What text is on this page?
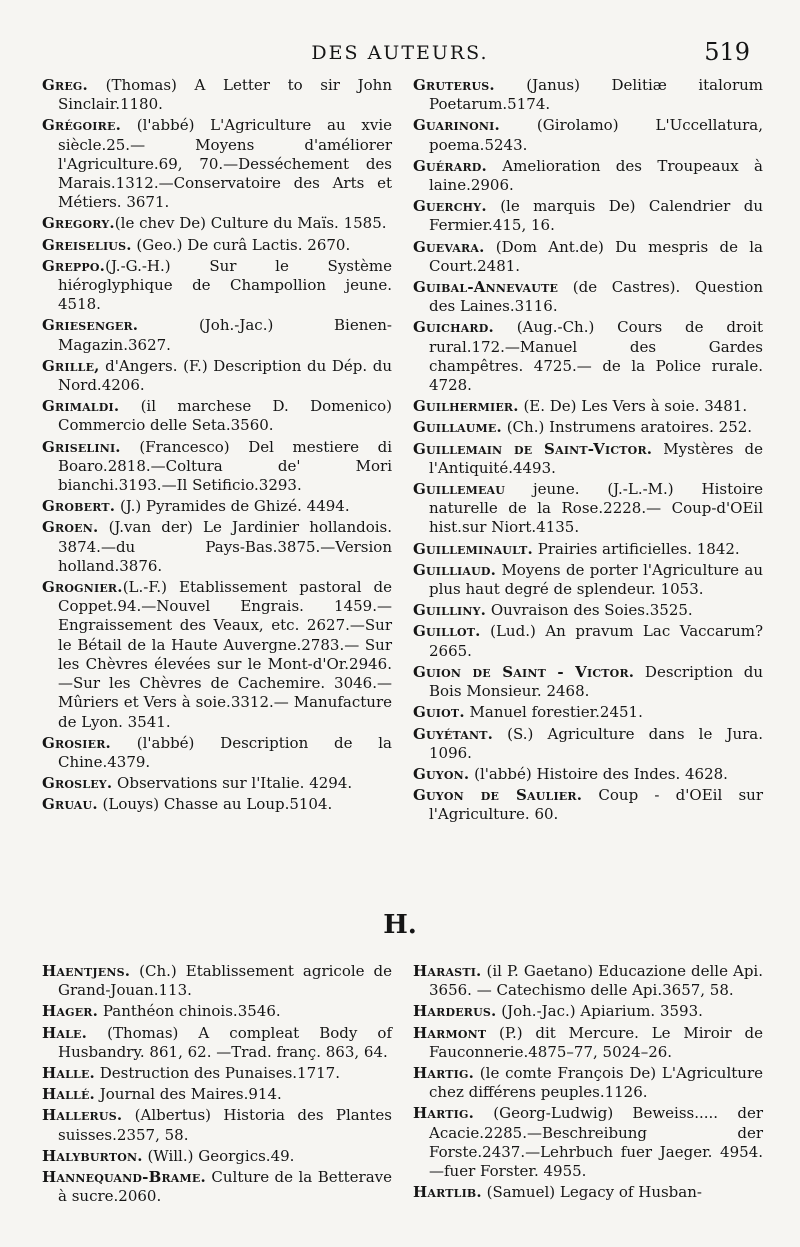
DES AUTEURS.	519

Greg. (Thomas) A Letter to sir John Sinclair.1180.

Grégoire. (l'abbé) L'Agriculture au xvie siècle.25.— Moyens d'améliorer l'Agriculture.69, 70.—Desséchement des Marais.1312.—Conservatoire des Arts et Métiers. 3671.

Gregory.(le chev De) Culture du Maïs. 1585.

Greiselius. (Geo.) De curâ Lactis. 2670.

Greppo.(J.-G.-H.) Sur le Système hiéroglyphique de Champollion jeune. 4518.

Griesenger. (Joh.-Jac.) Bienen-Magazin.3627.

Grille, d'Angers. (F.) Description du Dép. du Nord.4206.

Grimaldi. (il marchese D. Domenico) Commercio delle Seta.3560.

Griselini. (Francesco) Del mestiere di Boaro.2818.—Coltura de' Mori bianchi.3193.—Il Setificio.3293.

Grobert. (J.) Pyramides de Ghizé. 4494.

Groen. (J.van der) Le Jardinier hollandois. 3874.—du Pays-Bas.3875.—Version holland.3876.

Grognier.(L.-F.) Etablissement pastoral de Coppet.94.—Nouvel Engrais. 1459.—Engraissement des Veaux, etc. 2627.—Sur le Bétail de la Haute Auvergne.2783.— Sur les Chèvres élevées sur le Mont-d'Or.2946.—Sur les Chèvres de Cachemire. 3046.— Mûriers et Vers à soie.3312.— Manufacture de Lyon. 3541.

Grosier. (l'abbé) Description de la Chine.4379.

Grosley. Observations sur l'Italie. 4294.

Gruau. (Louys) Chasse au Loup.5104.

Gruterus. (Janus) Delitiæ italorum Poetarum.5174.

Guarinoni. (Girolamo) L'Uccellatura, poema.5243.

Guérard. Amelioration des Troupeaux à laine.2906.

Guerchy. (le marquis De) Calendrier du Fermier.415, 16.

Guevara. (Dom Ant.de) Du mespris de la Court.2481.

Guibal-Annevaute (de Castres). Question des Laines.3116.

Guichard. (Aug.-Ch.) Cours de droit rural.172.—Manuel des Gardes champêtres. 4725.— de la Police rurale. 4728.

Guilhermier. (E. De) Les Vers à soie. 3481.

Guillaume. (Ch.) Instrumens aratoires. 252.

Guillemain de Saint-Victor. Mystères de l'Antiquité.4493.

Guillemeau jeune. (J.-L.-M.) Histoire naturelle de la Rose.2228.— Coup-d'OEil hist.sur Niort.4135.

Guilleminault. Prairies artificielles. 1842.

Guilliaud. Moyens de porter l'Agriculture au plus haut degré de splendeur. 1053.

Guilliny. Ouvraison des Soies.3525.

Guillot. (Lud.) An pravum Lac Vaccarum? 2665.

Guion de Saint - Victor. Description du Bois Monsieur. 2468.

Guiot. Manuel forestier.2451.

Guyétant. (S.) Agriculture dans le Jura. 1096.

Guyon. (l'abbé) Histoire des Indes. 4628.

Guyon de Saulier. Coup - d'OEil sur l'Agriculture. 60.

H.

Haentjens. (Ch.) Etablissement agricole de Grand-Jouan.113.

Hager. Panthéon chinois.3546.

Hale. (Thomas) A compleat Body of Husbandry. 861, 62. —Trad. franç. 863, 64.

Halle. Destruction des Punaises.1717.

Hallé. Journal des Maires.914.

Hallerus. (Albertus) Historia des Plantes suisses.2357, 58.

Halyburton. (Will.) Georgics.49.

Hannequand-Brame. Culture de la Betterave à sucre.2060.

Harasti. (il P. Gaetano) Educazione delle Api. 3656. — Catechismo delle Api.3657, 58.

Harderus. (Joh.-Jac.) Apiarium. 3593.

Harmont (P.) dit Mercure. Le Miroir de Fauconnerie.4875–77, 5024–26.

Hartig. (le comte François De) L'Agriculture chez différens peuples.1126.

Hartig. (Georg-Ludwig) Beweiss..... der Acacie.2285.—Beschreibung der Forste.2437.—Lehrbuch fuer Jaeger. 4954.—fuer Forster. 4955.

Hartlib. (Samuel) Legacy of Husban-
